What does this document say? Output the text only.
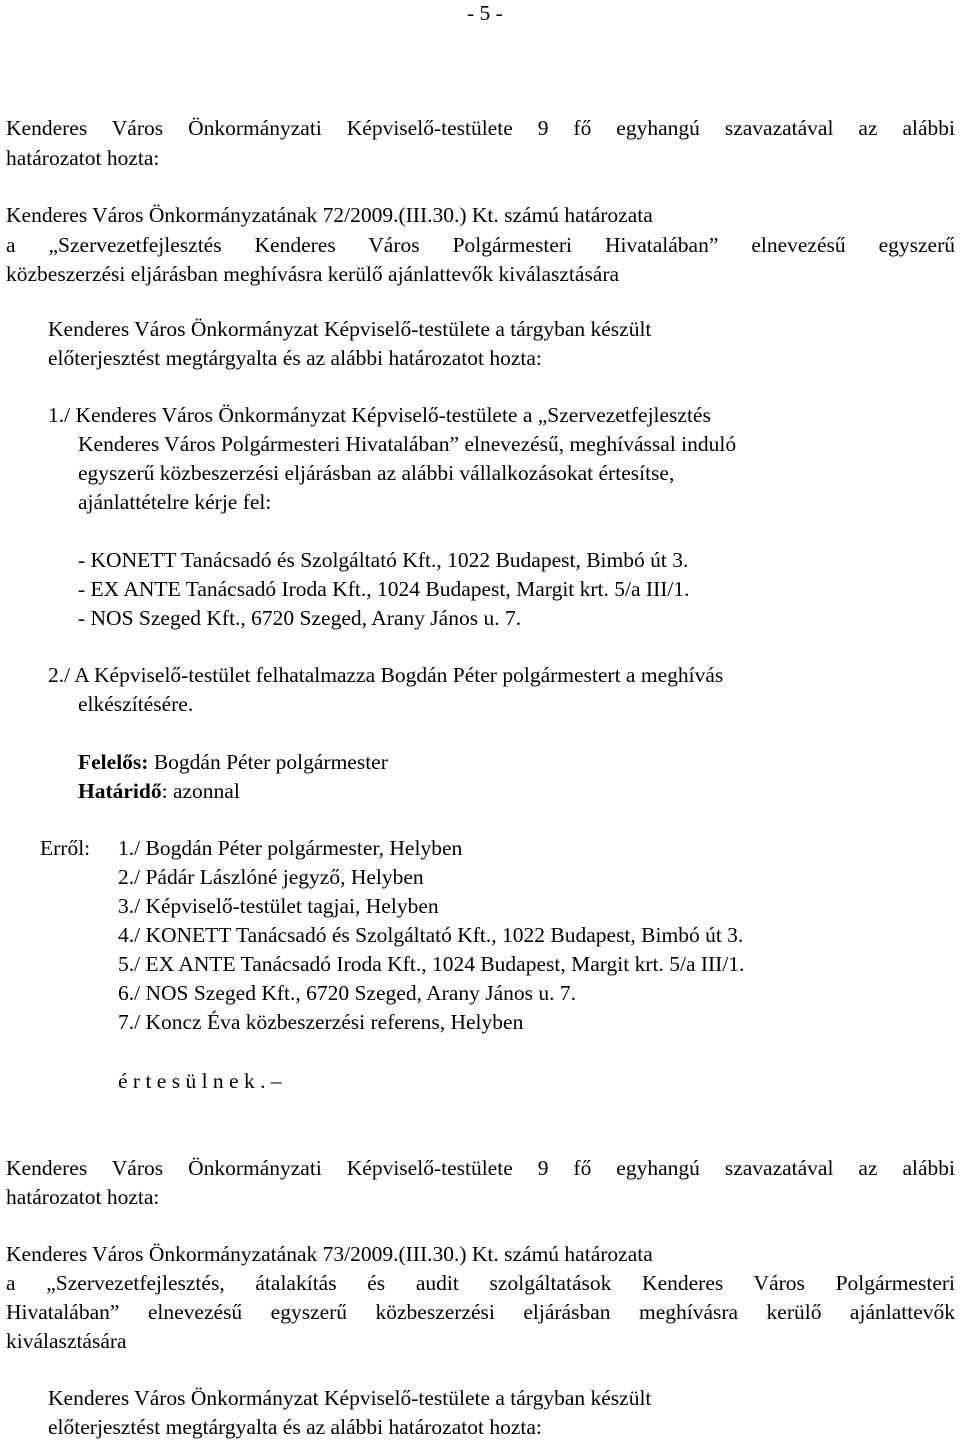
- 5 -
Kenderes Város Önkormányzati Képviselő-testülete 9 fő egyhangú szavazatával az alábbi
határozatot hozta:
Kenderes Város Önkormányzatának 72/2009.(III.30.) Kt. számú határozata
a „Szervezetfejlesztés Kenderes Város Polgármesteri Hivatalában” elnevezésű egyszerű
közbeszerzési eljárásban meghívásra kerülő ajánlattevők kiválasztására
Kenderes Város Önkormányzat Képviselő-testülete a tárgyban készült
előterjesztést megtárgyalta és az alábbi határozatot hozta:
1./ Kenderes Város Önkormányzat Képviselő-testülete a „Szervezetfejlesztés
Kenderes Város Polgármesteri Hivatalában” elnevezésű, meghívással induló
egyszerű közbeszerzési eljárásban az alábbi vállalkozásokat értesítse,
ajánlattételre kérje fel:
- KONETT Tanácsadó és Szolgáltató Kft., 1022 Budapest, Bimbó út 3.
- EX ANTE Tanácsadó Iroda Kft., 1024 Budapest, Margit krt. 5/a III/1.
- NOS Szeged Kft., 6720 Szeged, Arany János u. 7.
2./ A Képviselő-testület felhatalmazza Bogdán Péter polgármestert a meghívás
elkészítésére.
Felelős: Bogdán Péter polgármester
Határidő: azonnal
Erről: 1./ Bogdán Péter polgármester, Helyben
2./ Pádár Lászlóné jegyző, Helyben
3./ Képviselő-testület tagjai, Helyben
4./ KONETT Tanácsadó és Szolgáltató Kft., 1022 Budapest, Bimbó út 3.
5./ EX ANTE Tanácsadó Iroda Kft., 1024 Budapest, Margit krt. 5/a III/1.
6./ NOS Szeged Kft., 6720 Szeged, Arany János u. 7.
7./ Koncz Éva közbeszerzési referens, Helyben
é r t e s ü l n e k . –
Kenderes Város Önkormányzati Képviselő-testülete 9 fő egyhangú szavazatával az alábbi
határozatot hozta:
Kenderes Város Önkormányzatának 73/2009.(III.30.) Kt. számú határozata
a „Szervezetfejlesztés, átalakítás és audit szolgáltatások Kenderes Város Polgármesteri
Hivatalában” elnevezésű egyszerű közbeszerzési eljárásban meghívásra kerülő ajánlattevők
kiválasztására
Kenderes Város Önkormányzat Képviselő-testülete a tárgyban készült
előterjesztést megtárgyalta és az alábbi határozatot hozta:
